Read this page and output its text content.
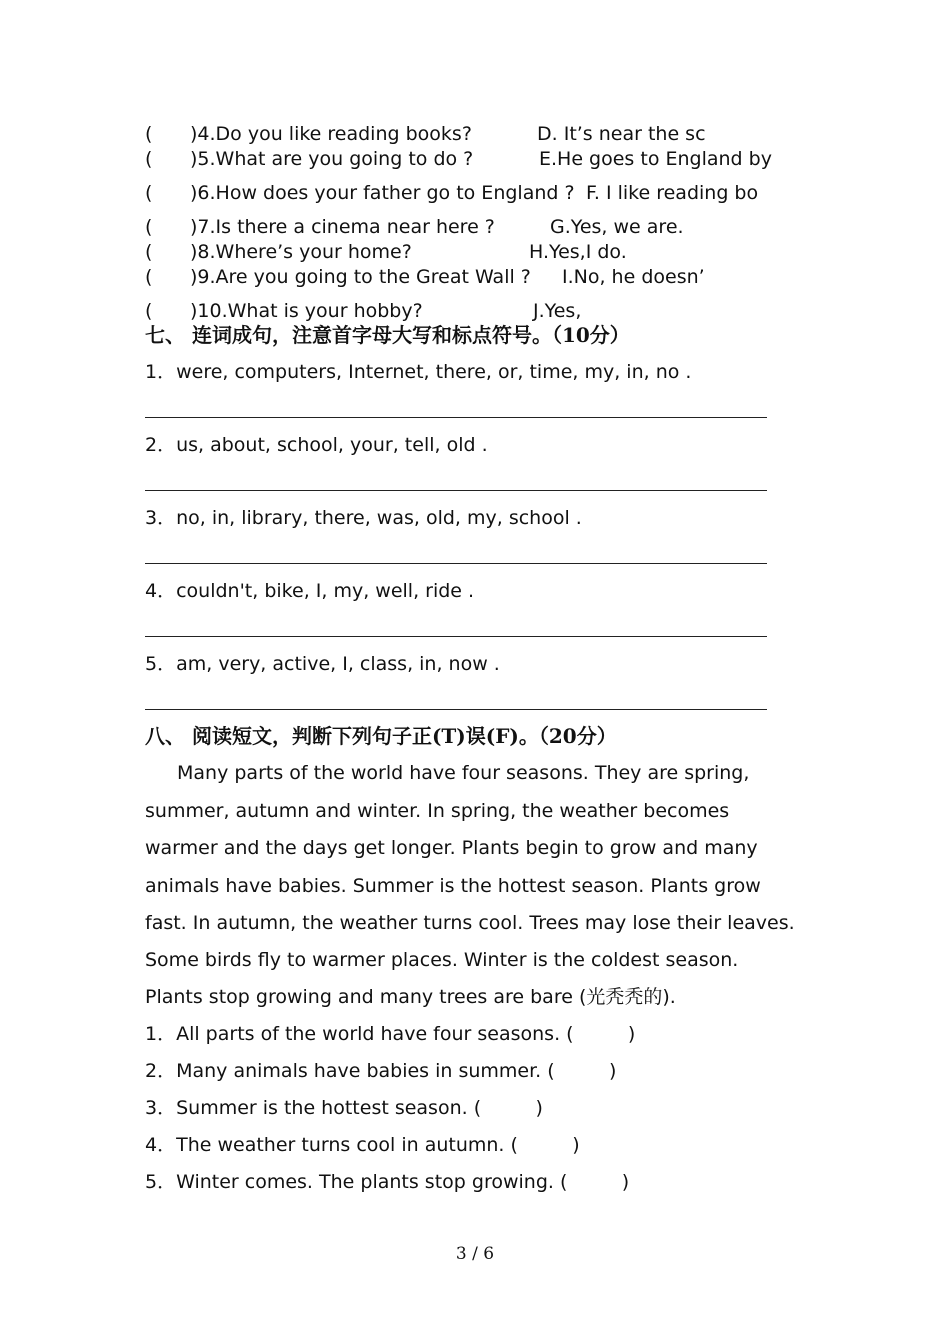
( )4.Do you like reading books?	D. It’s near the sc
( )5.What are you going to do ?	E.He goes to England by
( )6.How does your father go to England ? F. I like reading bo
( )7.Is there a cinema near here ?	G.Yes, we are.
( )8.Where’s your home?	H.Yes,I do.
( )9.Are you going to the Great Wall ? I.No, he doesn’
( )10.What is your hobby?	J.Yes,
七、 连词成句，注意首字母大写和标点符号。（10分）
1．were, computers, Internet, there, or, time, my, in, no .
2．us, about, school, your, tell, old .
3．no, in, library, there, was, old, my, school .
4．couldn't, bike, I, my, well, ride .
5．am, very, active, I, class, in, now .
八、 阅读短文，判断下列句子正(T)误(F)。（20分）
Many parts of the world have four seasons. They are spring,
summer, autumn and winter. In spring, the weather becomes
warmer and the days get longer. Plants begin to grow and many
animals have babies. Summer is the hottest season. Plants grow
fast. In autumn, the weather turns cool. Trees may lose their leaves.
Some birds fly to warmer places. Winter is the coldest season.
Plants stop growing and many trees are bare (光秃秃的).
1．All parts of the world have four seasons. (         )
2．Many animals have babies in summer. (         )
3．Summer is the hottest season. (         )
4．The weather turns cool in autumn. (         )
5．Winter comes. The plants stop growing. (         )
3 / 6
